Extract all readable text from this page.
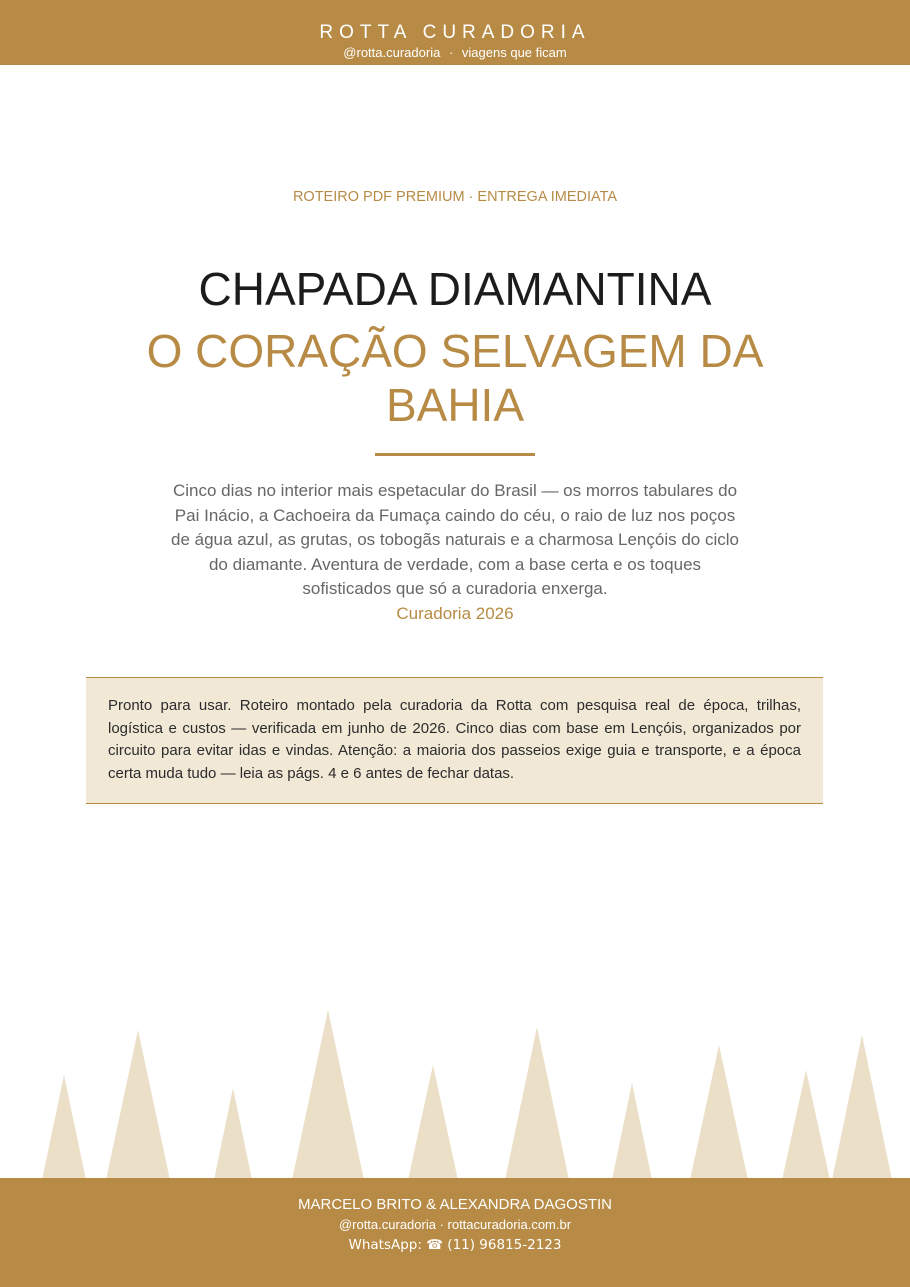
ROTTA CURADORIA
@rotta.curadoria · viagens que ficam
ROTEIRO PDF PREMIUM · ENTREGA IMEDIATA
CHAPADA DIAMANTINA
O CORAÇÃO SELVAGEM DA BAHIA
Cinco dias no interior mais espetacular do Brasil — os morros tabulares do Pai Inácio, a Cachoeira da Fumaça caindo do céu, o raio de luz nos poços de água azul, as grutas, os tobogãs naturais e a charmosa Lençóis do ciclo do diamante. Aventura de verdade, com a base certa e os toques sofisticados que só a curadoria enxerga.
Curadoria 2026

Pronto para usar. Roteiro montado pela curadoria da Rotta com pesquisa real de época, trilhas, logística e custos — verificada em junho de 2026. Cinco dias com base em Lençóis, organizados por circuito para evitar idas e vindas. Atenção: a maioria dos passeios exige guia e transporte, e a época certa muda tudo — leia as págs. 4 e 6 antes de fechar datas.

MARCELO BRITO & ALEXANDRA DAGOSTIN
@rotta.curadoria · rottacuradoria.com.br
WhatsApp: ☎ (11) 96815-2123
